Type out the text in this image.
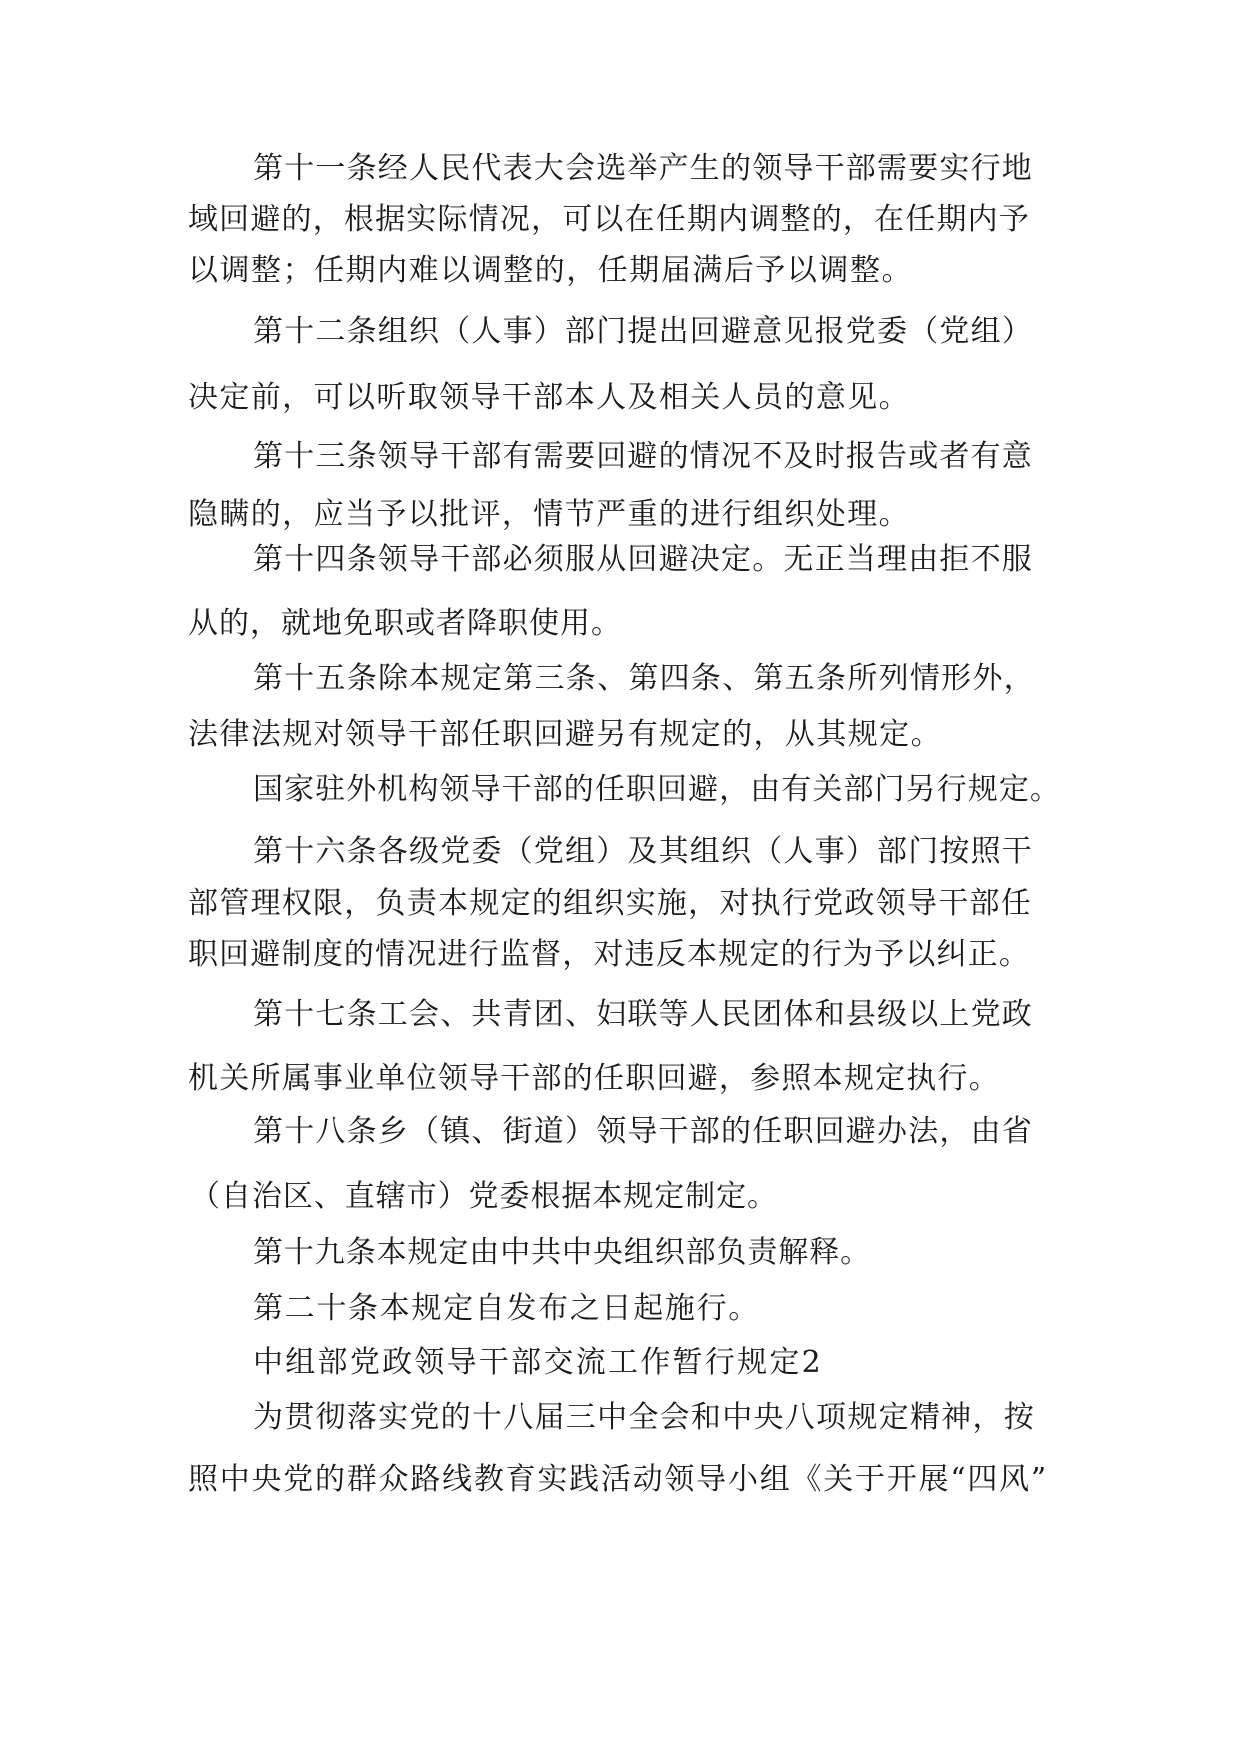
第十一条经人民代表大会选举产生的领导干部需要实行地

域回避的，根据实际情况，可以在任期内调整的，在任期内予

以调整；任期内难以调整的，任期届满后予以调整。

第十二条组织（人事）部门提出回避意见报党委（党组）

决定前，可以听取领导干部本人及相关人员的意见。

第十三条领导干部有需要回避的情况不及时报告或者有意

隐瞒的，应当予以批评，情节严重的进行组织处理。

第十四条领导干部必须服从回避决定。无正当理由拒不服

从的，就地免职或者降职使用。

第十五条除本规定第三条、第四条、第五条所列情形外，

法律法规对领导干部任职回避另有规定的，从其规定。

国家驻外机构领导干部的任职回避，由有关部门另行规定。

第十六条各级党委（党组）及其组织（人事）部门按照干

部管理权限，负责本规定的组织实施，对执行党政领导干部任

职回避制度的情况进行监督，对违反本规定的行为予以纠正。

第十七条工会、共青团、妇联等人民团体和县级以上党政

机关所属事业单位领导干部的任职回避，参照本规定执行。

第十八条乡（镇、街道）领导干部的任职回避办法，由省

（自治区、直辖市）党委根据本规定制定。

第十九条本规定由中共中央组织部负责解释。

第二十条本规定自发布之日起施行。

中组部党政领导干部交流工作暂行规定2

为贯彻落实党的十八届三中全会和中央八项规定精神，按

照中央党的群众路线教育实践活动领导小组《关于开展“四风”
